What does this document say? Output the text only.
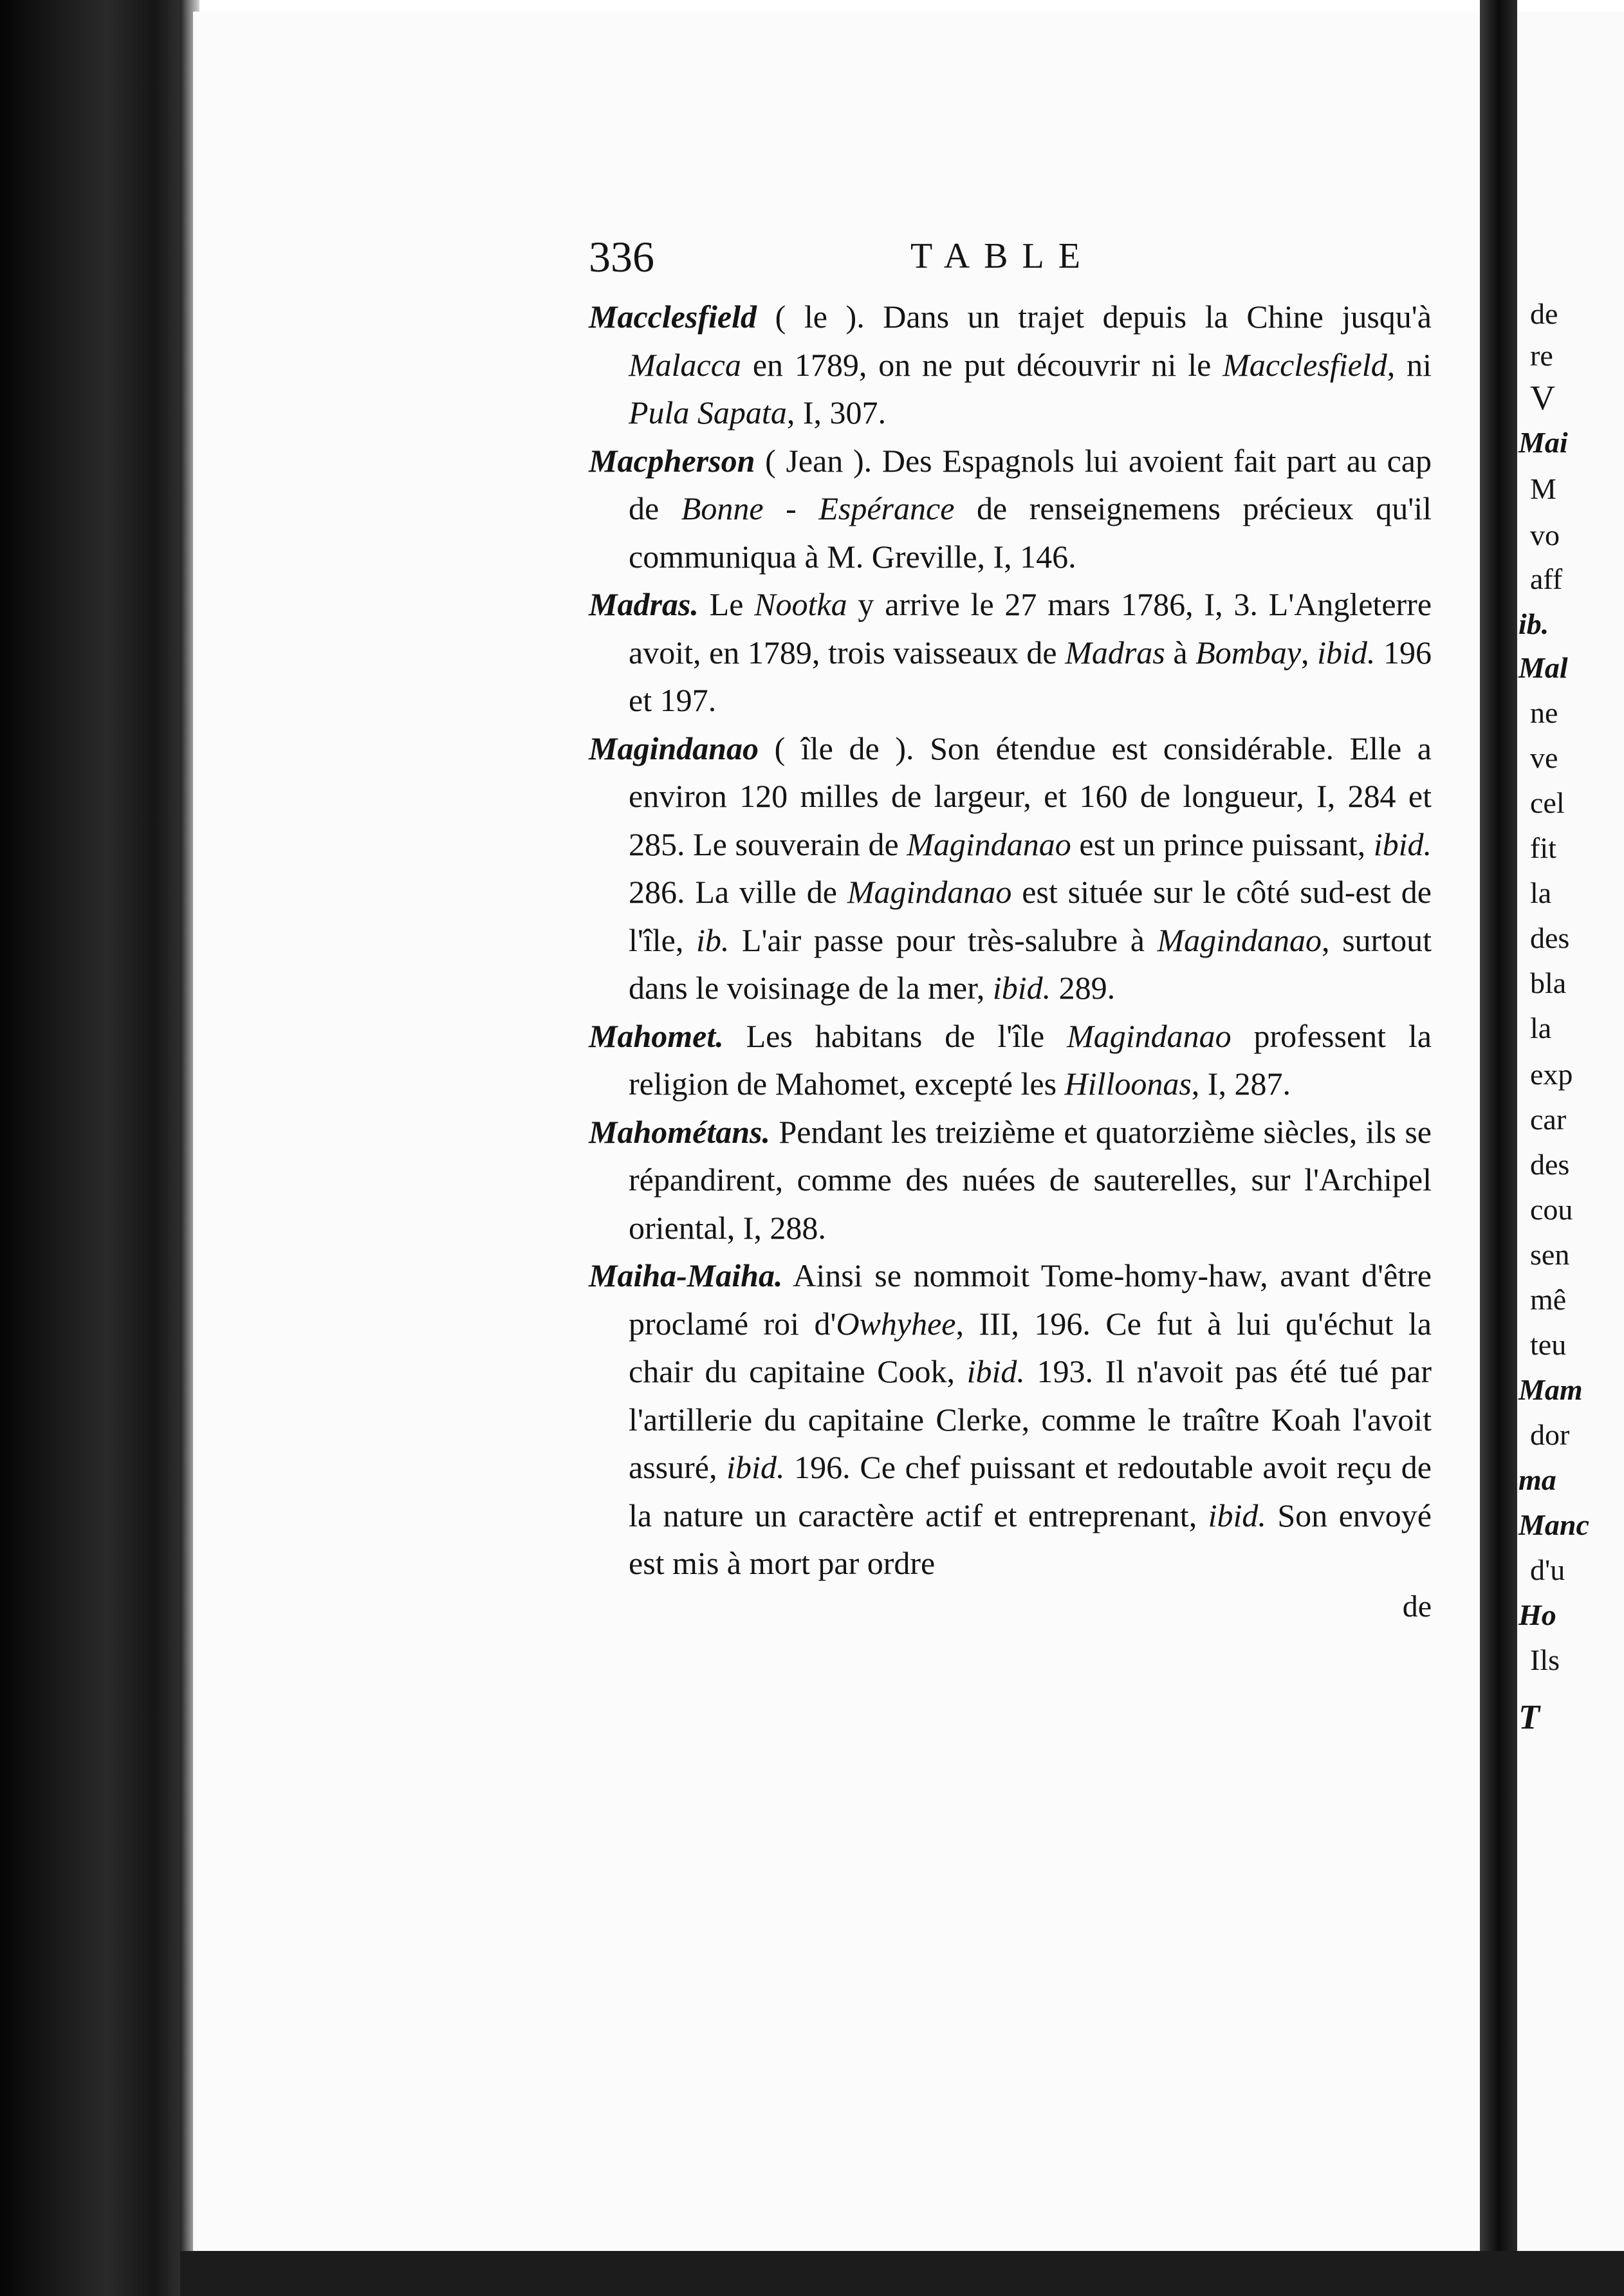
de
re
V
Mai
M
vo
aff
ib.
Mal
ne
ve
cel
fit
la
des
bla
la
exp
car
des
cou
sen
mê
teu
Mam
dor
ma
Manc
d'u
Ho
Ils
T
336	TABLE

Macclesfield ( le ). Dans un trajet depuis la Chine jusqu'à Malacca en 1789, on ne put découvrir ni le Macclesfield, ni Pula Sapata, I, 307.

Macpherson ( Jean ). Des Espagnols lui avoient fait part au cap de Bonne - Espérance de renseignemens précieux qu'il communiqua à M. Greville, I, 146.

Madras. Le Nootka y arrive le 27 mars 1786, I, 3. L'Angleterre avoit, en 1789, trois vaisseaux de Madras à Bombay, ibid. 196 et 197.

Magindanao ( île de ). Son étendue est considérable. Elle a environ 120 milles de largeur, et 160 de longueur, I, 284 et 285. Le souverain de Magindanao est un prince puissant, ibid. 286. La ville de Magindanao est située sur le côté sud-est de l'île, ib. L'air passe pour très-salubre à Magindanao, surtout dans le voisinage de la mer, ibid. 289.

Mahomet. Les habitans de l'île Magindanao professent la religion de Mahomet, excepté les Hilloonas, I, 287.

Mahométans. Pendant les treizième et quatorzième siècles, ils se répandirent, comme des nuées de sauterelles, sur l'Archipel oriental, I, 288.

Maiha-Maiha. Ainsi se nommoit Tome-homy-haw, avant d'être proclamé roi d'Owhyhee, III, 196. Ce fut à lui qu'échut la chair du capitaine Cook, ibid. 193. Il n'avoit pas été tué par l'artillerie du capitaine Clerke, comme le traître Koah l'avoit assuré, ibid. 196. Ce chef puissant et redoutable avoit reçu de la nature un caractère actif et entreprenant, ibid. Son envoyé est mis à mort par ordre

de
